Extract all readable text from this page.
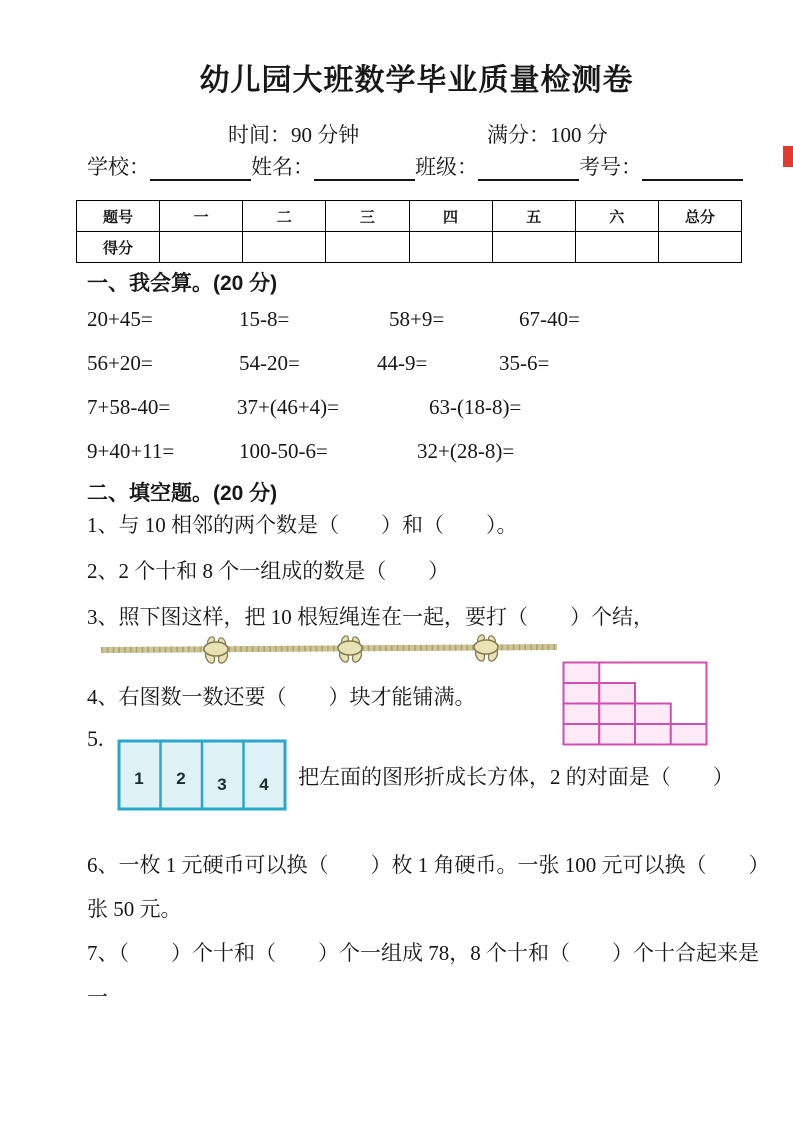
幼儿园大班数学毕业质量检测卷
时间：90 分钟	满分：100 分
学校：	姓名：	班级：	考号：
题号	一	二	三	四	五	六	总分
得分							
一、我会算。(20 分)
20+45=	15-8=	58+9=	67-40=
56+20=	54-20=	44-9=	35-6=
7+58-40=	37+(46+4)=	63-(18-8)=
9+40+11=	100-50-6=	32+(28-8)=
二、填空题。(20 分)
1、与 10 相邻的两个数是（　　）和（　　）。
2、2 个十和 8 个一组成的数是（　　）
3、照下图这样，把 10 根短绳连在一起，要打（　　）个结，
4、右图数一数还要（　　）块才能铺满。
5.
1 2 3 4 把左面的图形折成长方体，2 的对面是（　　）
6、一枚 1 元硬币可以换（　　）枚 1 角硬币。一张 100 元可以换（　　）
张 50 元。
7、（　　）个十和（　　）个一组成 78，8 个十和（　　）个十合起来是
一
